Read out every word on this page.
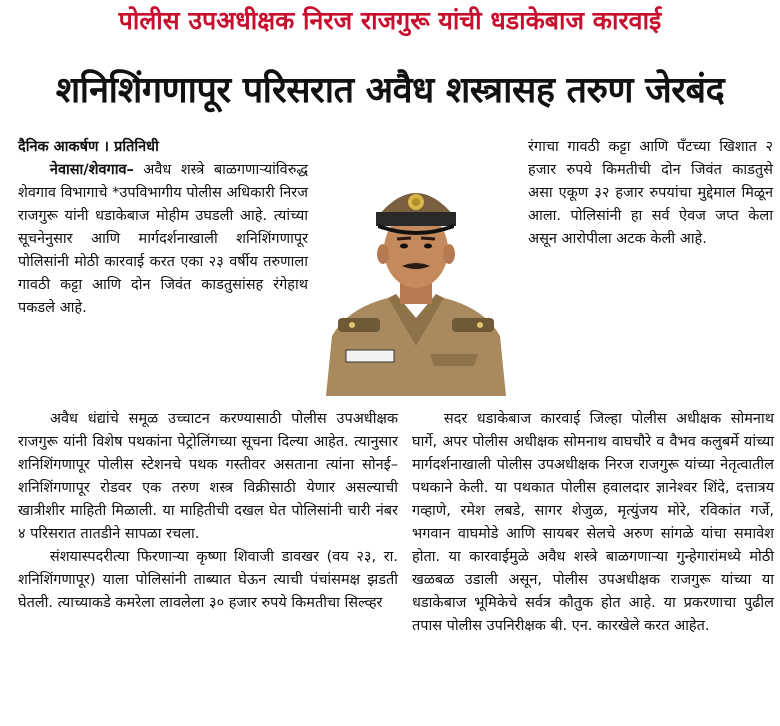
पोलीस उपअधीक्षक निरज राजगुरू यांची धडाकेबाज कारवाई
शनिशिंगणापूर परिसरात अवैध शस्त्रासह तरुण जेरबंद

दैनिक आकर्षण । प्रतिनिधी

नेवासा/शेवगाव– अवैध शस्त्रे बाळगणाऱ्यांविरुद्ध शेवगाव विभागाचे *उपविभागीय पोलीस अधिकारी निरज राजगुरू यांनी धडाकेबाज मोहीम उघडली आहे. त्यांच्या सूचनेनुसार आणि मार्गदर्शनाखाली शनिशिंगणापूर पोलिसांनी मोठी कारवाई करत एका २३ वर्षीय तरुणाला गावठी कट्टा आणि दोन जिवंत काडतुसांसह रंगेहाथ पकडले आहे.

अवैध धंद्यांचे समूळ उच्चाटन करण्यासाठी पोलीस उपअधीक्षक राजगुरू यांनी विशेष पथकांना पेट्रोलिंगच्या सूचना दिल्या आहेत. त्यानुसार शनिशिंगणापूर पोलीस स्टेशनचे पथक गस्तीवर असताना त्यांना सोनई–शनिशिंगणापूर रोडवर एक तरुण शस्त्र विक्रीसाठी येणार असल्याची खात्रीशीर माहिती मिळाली. या माहितीची दखल घेत पोलिसांनी चारी नंबर ४ परिसरात तातडीने सापळा रचला.

संशयास्पदरीत्या फिरणाऱ्या कृष्णा शिवाजी डावखर (वय २३, रा. शनिशिंगणापूर) याला पोलिसांनी ताब्यात घेऊन त्याची पंचांसमक्ष झडती घेतली. त्याच्याकडे कमरेला लावलेला ३० हजार रुपये किमतीचा सिल्व्हर

रंगाचा गावठी कट्टा आणि पँटच्या खिशात २ हजार रुपये किमतीची दोन जिवंत काडतुसे असा एकूण ३२ हजार रुपयांचा मुद्देमाल मिळून आला. पोलिसांनी हा सर्व ऐवज जप्त केला असून आरोपीला अटक केली आहे.

सदर धडाकेबाज कारवाई जिल्हा पोलीस अधीक्षक सोमनाथ घार्गे, अपर पोलीस अधीक्षक सोमनाथ वाघचौरे व वैभव कलुबर्मे यांच्या मार्गदर्शनाखाली पोलीस उपअधीक्षक निरज राजगुरू यांच्या नेतृत्वातील पथकाने केली. या पथकात पोलीस हवालदार ज्ञानेश्वर शिंदे, दत्तात्रय गव्हाणे, रमेश लबडे, सागर शेजुळ, मृत्युंजय मोरे, रविकांत गर्जे, भगवान वाघमोडे आणि सायबर सेलचे अरुण सांगळे यांचा समावेश होता. या कारवाईमुळे अवैध शस्त्रे बाळगणाऱ्या गुन्हेगारांमध्ये मोठी खळबळ उडाली असून, पोलीस उपअधीक्षक राजगुरू यांच्या या धडाकेबाज भूमिकेचे सर्वत्र कौतुक होत आहे. या प्रकरणाचा पुढील तपास पोलीस उपनिरीक्षक बी. एन. कारखेले करत आहेत.
